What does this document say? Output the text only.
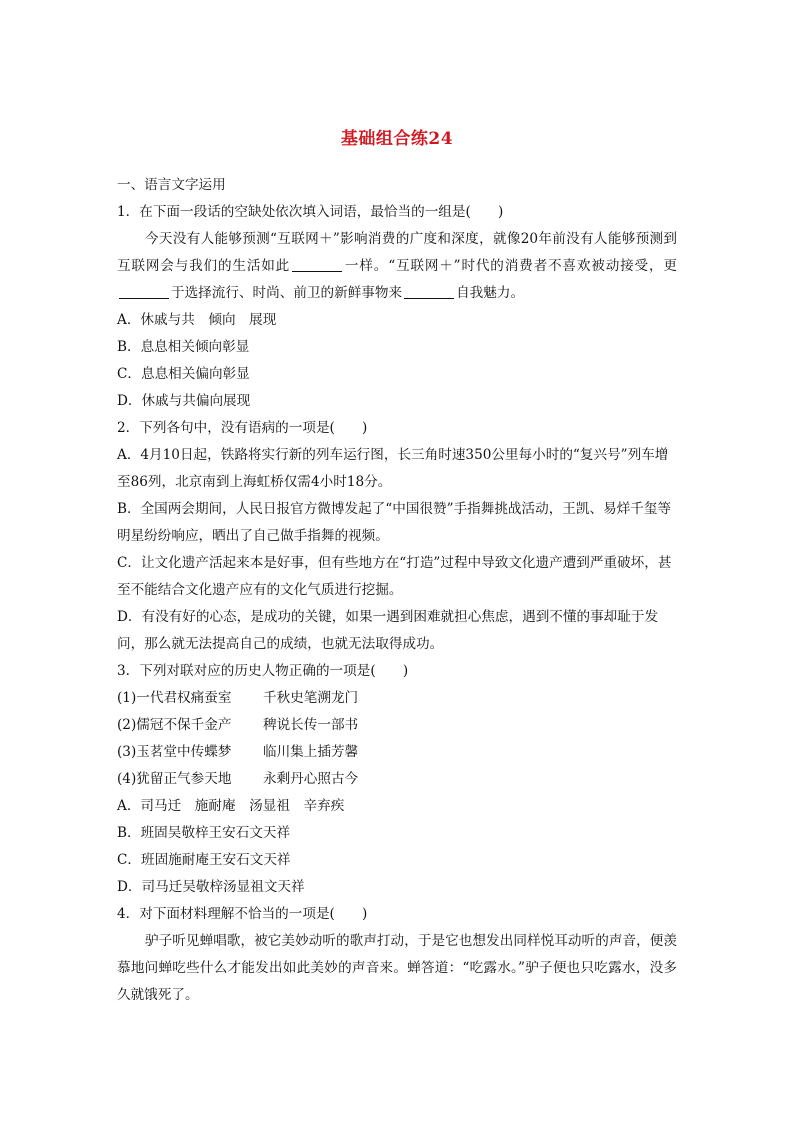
基础组合练24
一、语言文字运用
1．在下面一段话的空缺处依次填入词语，最恰当的一组是(　　)

今天没有人能够预测“互联网＋”影响消费的广度和深度，就像20年前没有人能够预测到互联网会与我们的生活如此	一样。“互联网＋”时代的消费者不喜欢被动接受，更于选择流行、时尚、前卫的新鲜事物来	自我魅力。

A．休戚与共　倾向　展现
B．息息相关倾向彰显
C．息息相关偏向彰显
D．休戚与共偏向展现
2．下列各句中，没有语病的一项是(　　)
A．4月10日起，铁路将实行新的列车运行图，长三角时速350公里每小时的“复兴号”列车增至86列，北京南到上海虹桥仅需4小时18分。
B．全国两会期间，人民日报官方微博发起了“中国很赞”手指舞挑战活动，王凯、易烊千玺等明星纷纷响应，晒出了自己做手指舞的视频。
C．让文化遗产活起来本是好事，但有些地方在“打造”过程中导致文化遗产遭到严重破坏，甚至不能结合文化遗产应有的文化气质进行挖掘。
D．有没有好的心态，是成功的关键，如果一遇到困难就担心焦虑，遇到不懂的事却耻于发问，那么就无法提高自己的成绩，也就无法取得成功。
3．下列对联对应的历史人物正确的一项是(　　)
(1)一代君权痛蚕室 千秋史笔溯龙门
(2)儒冠不保千金产 稗说长传一部书
(3)玉茗堂中传蝶梦 临川集上插芳馨
(4)犹留正气参天地 永剩丹心照古今
A．司马迁　施耐庵　汤显祖　辛弃疾
B．班固吴敬梓王安石文天祥
C．班固施耐庵王安石文天祥
D．司马迁吴敬梓汤显祖文天祥
4．对下面材料理解不恰当的一项是(　　)
驴子听见蝉唱歌，被它美妙动听的歌声打动，于是它也想发出同样悦耳动听的声音，便羡慕地问蝉吃些什么才能发出如此美妙的声音来。蝉答道：“吃露水。”驴子便也只吃露水，没多久就饿死了。
